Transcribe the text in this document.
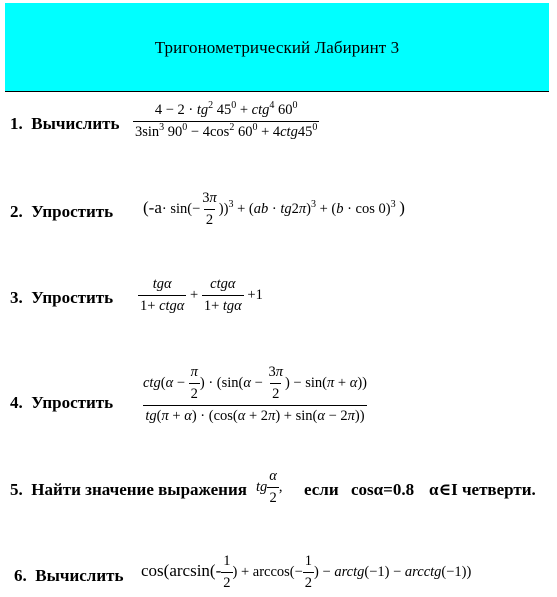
Тригонометрический Лабиринт 3
1. Вычислить $\frac{4 - 2 \cdot tg^2 45^0 + ctg^4 60^0}{3\sin^3 90^0 - 4\cos^2 60^0 + 4ctg45^0}$
2. Упростить $(-a\cdot \sin(- \frac{3\pi}{2} ))^3 + (ab \cdot tg2\pi)^3 + (b \cdot \cos 0)^3$ )
3. Упростить $\frac{\text{tgα}}{\text{1+ ctgα}} + \frac{\text{ctgα}}{\text{1+ tgα}} +1$
4. Упростить $\frac{ctg(\alpha - \frac{\pi}{2} ) \cdot (\sin(\alpha - \frac{3\pi}{2} ) - \sin(\pi + \alpha))}{tg(\pi + \alpha) \cdot (\cos(\alpha + 2\pi) + \sin(\alpha - 2\pi))}$
5. Найти значение выражения tg $\frac{\alpha}{2}$ , если cosα=0.8 α∈I четверти.
6. Вычислить $\cos(\arcsin(- \frac{1}{2}$ ) + $\arccos(- \frac{1}{2}$ ) − arctg(−1) − arcctg(−1))
